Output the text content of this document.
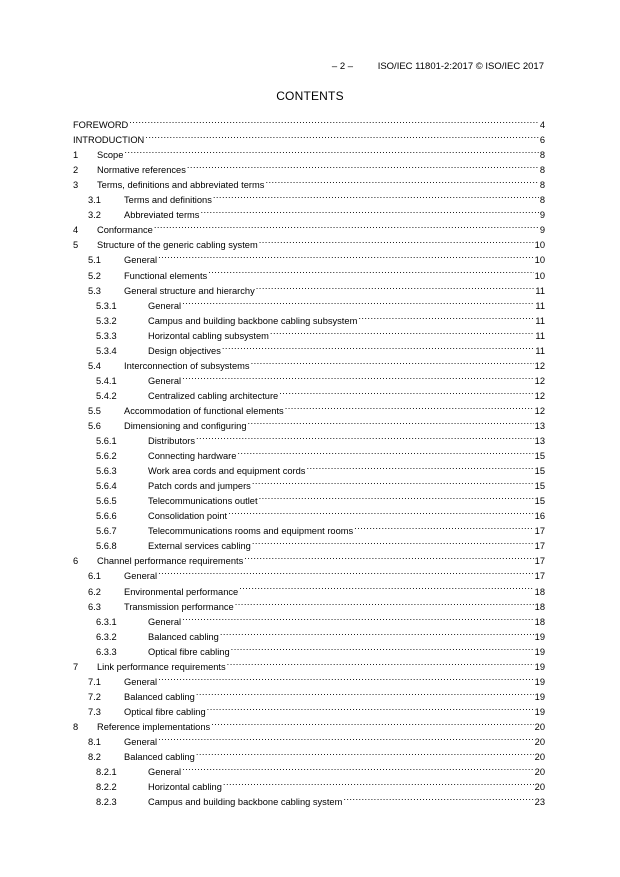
– 2 –	ISO/IEC 11801-2:2017 © ISO/IEC 2017
CONTENTS
FOREWORD .....	4
INTRODUCTION .....	6
1	Scope .....	8
2	Normative references .....	8
3	Terms, definitions and abbreviated terms .....	8
3.1	Terms and definitions .....	8
3.2	Abbreviated terms .....	9
4	Conformance .....	9
5	Structure of the generic cabling system .....	10
5.1	General .....	10
5.2	Functional elements .....	10
5.3	General structure and hierarchy .....	11
5.3.1	General .....	11
5.3.2	Campus and building backbone cabling subsystem .....	11
5.3.3	Horizontal cabling subsystem .....	11
5.3.4	Design objectives .....	11
5.4	Interconnection of subsystems .....	12
5.4.1	General .....	12
5.4.2	Centralized cabling architecture .....	12
5.5	Accommodation of functional elements .....	12
5.6	Dimensioning and configuring .....	13
5.6.1	Distributors .....	13
5.6.2	Connecting hardware .....	15
5.6.3	Work area cords and equipment cords .....	15
5.6.4	Patch cords and jumpers .....	15
5.6.5	Telecommunications outlet .....	15
5.6.6	Consolidation point .....	16
5.6.7	Telecommunications rooms and equipment rooms .....	17
5.6.8	External services cabling .....	17
6	Channel performance requirements .....	17
6.1	General .....	17
6.2	Environmental performance .....	18
6.3	Transmission performance .....	18
6.3.1	General .....	18
6.3.2	Balanced cabling .....	19
6.3.3	Optical fibre cabling .....	19
7	Link performance requirements .....	19
7.1	General .....	19
7.2	Balanced cabling .....	19
7.3	Optical fibre cabling .....	19
8	Reference implementations .....	20
8.1	General .....	20
8.2	Balanced cabling .....	20
8.2.1	General .....	20
8.2.2	Horizontal cabling .....	20
8.2.3	Campus and building backbone cabling system .....	23
